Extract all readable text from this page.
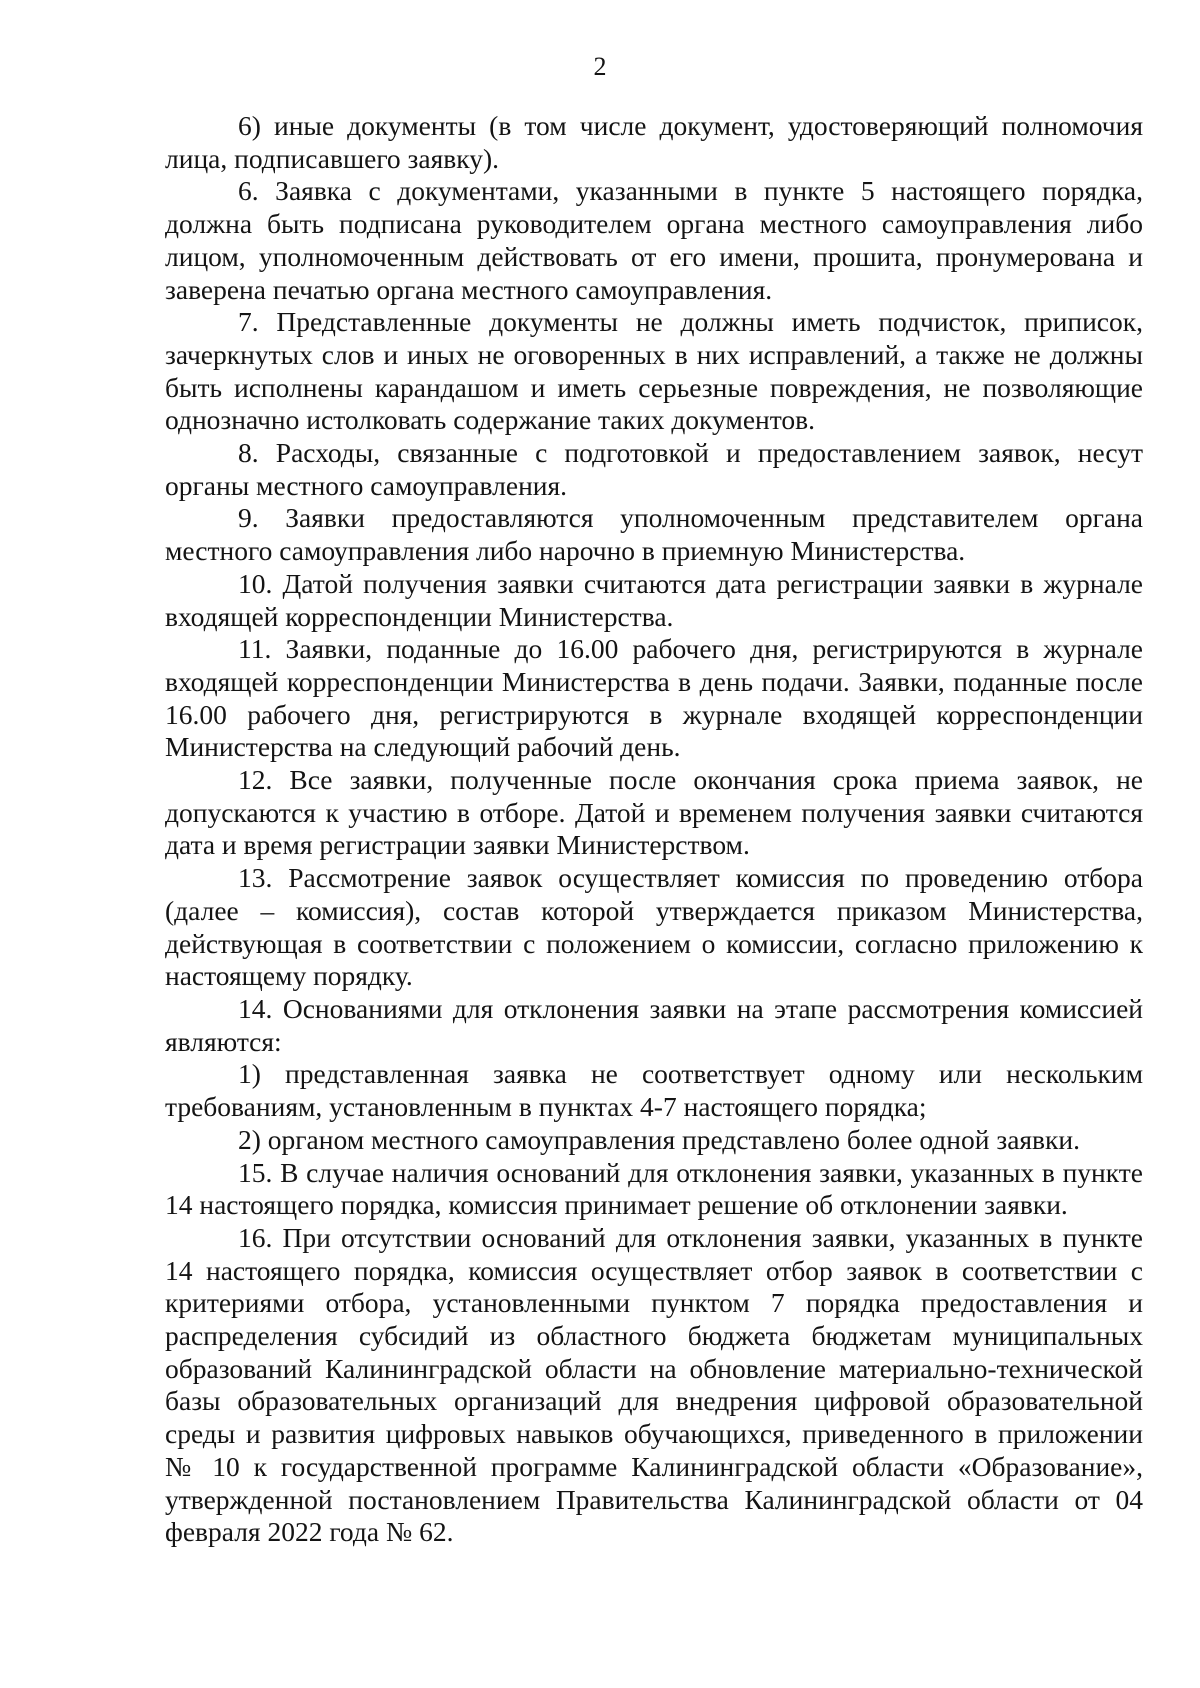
2

6) иные документы (в том числе документ, удостоверяющий полномочия лица, подписавшего заявку).

6. Заявка с документами, указанными в пункте 5 настоящего порядка, должна быть подписана руководителем органа местного самоуправления либо лицом, уполномоченным действовать от его имени, прошита, пронумерована и заверена печатью органа местного самоуправления.

7. Представленные документы не должны иметь подчисток, приписок, зачеркнутых слов и иных не оговоренных в них исправлений, а также не должны быть исполнены карандашом и иметь серьезные повреждения, не позволяющие однозначно истолковать содержание таких документов.

8. Расходы, связанные с подготовкой и предоставлением заявок, несут органы местного самоуправления.

9. Заявки предоставляются уполномоченным представителем органа местного самоуправления либо нарочно в приемную Министерства.

10. Датой получения заявки считаются дата регистрации заявки в журнале входящей корреспонденции Министерства.

11. Заявки, поданные до 16.00 рабочего дня, регистрируются в журнале входящей корреспонденции Министерства в день подачи. Заявки, поданные после 16.00 рабочего дня, регистрируются в журнале входящей корреспонденции Министерства на следующий рабочий день.

12. Все заявки, полученные после окончания срока приема заявок, не допускаются к участию в отборе. Датой и временем получения заявки считаются дата и время регистрации заявки Министерством.

13. Рассмотрение заявок осуществляет комиссия по проведению отбора (далее – комиссия), состав которой утверждается приказом Министерства, действующая в соответствии с положением о комиссии, согласно приложению к настоящему порядку.

14. Основаниями для отклонения заявки на этапе рассмотрения комиссией являются:

1) представленная заявка не соответствует одному или нескольким требованиям, установленным в пунктах 4-7 настоящего порядка;

2) органом местного самоуправления представлено более одной заявки.

15. В случае наличия оснований для отклонения заявки, указанных в пункте 14 настоящего порядка, комиссия принимает решение об отклонении заявки.

16. При отсутствии оснований для отклонения заявки, указанных в пункте 14 настоящего порядка, комиссия осуществляет отбор заявок в соответствии с критериями отбора, установленными пунктом 7 порядка предоставления и распределения субсидий из областного бюджета бюджетам муниципальных образований Калининградской области на обновление материально-технической базы образовательных организаций для внедрения цифровой образовательной среды и развития цифровых навыков обучающихся, приведенного в приложении № 10 к государственной программе Калининградской области «Образование», утвержденной постановлением Правительства Калининградской области от 04 февраля 2022 года № 62.
